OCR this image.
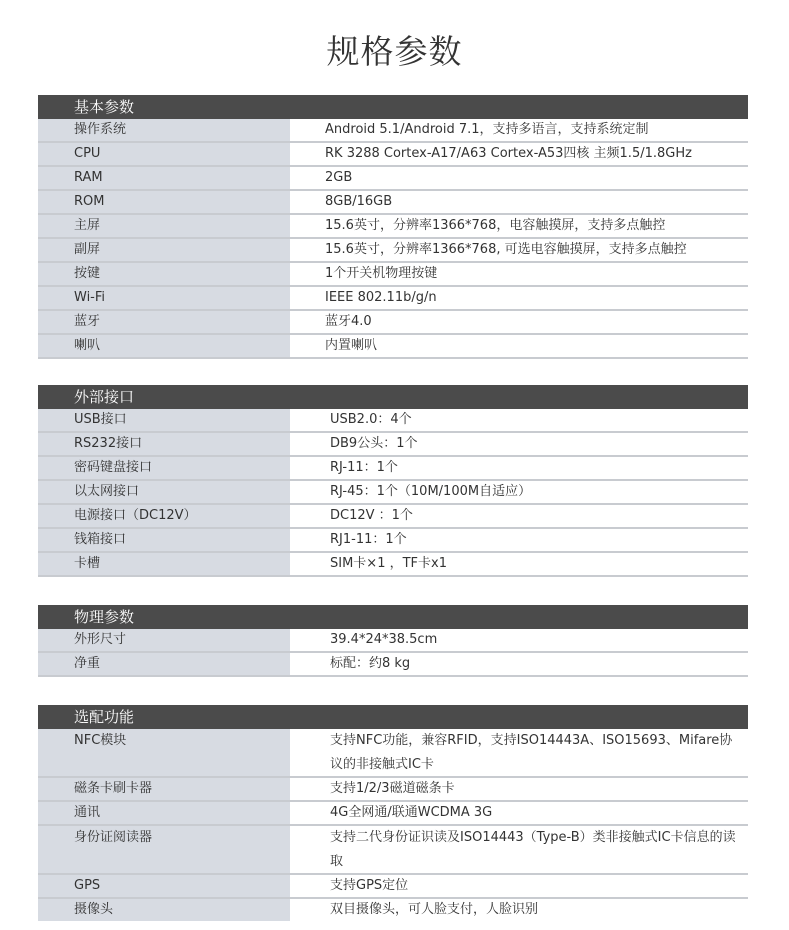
规格参数
基本参数
操作系统	Android 5.1/Android 7.1，支持多语言，支持系统定制
CPU	RK 3288 Cortex-A17/A63 Cortex-A53四核 主频1.5/1.8GHz
RAM	2GB
ROM	8GB/16GB
主屏	15.6英寸，分辨率1366*768，电容触摸屏，支持多点触控
副屏	15.6英寸，分辨率1366*768, 可选电容触摸屏，支持多点触控
按键	1个开关机物理按键
Wi-Fi	IEEE 802.11b/g/n
蓝牙	蓝牙4.0
喇叭	内置喇叭
外部接口
USB接口	USB2.0：4个
RS232接口	DB9公头：1个
密码键盘接口	RJ-11：1个
以太网接口	RJ-45：1个（10M/100M自适应）
电源接口（DC12V）	DC12V ：1个
钱箱接口	RJ1-11：1个
卡槽	SIM卡×1 ，TF卡x1
物理参数
外形尺寸	39.4*24*38.5cm
净重	标配：约8 kg
选配功能
NFC模块	支持NFC功能，兼容RFID，支持ISO14443A、ISO15693、Mifare协议的非接触式IC卡
磁条卡刷卡器	支持1/2/3磁道磁条卡
通讯	4G全网通/联通WCDMA 3G
身份证阅读器	支持二代身份证识读及ISO14443（Type-B）类非接触式IC卡信息的读取
GPS	支持GPS定位
摄像头	双目摄像头，可人脸支付，人脸识别
